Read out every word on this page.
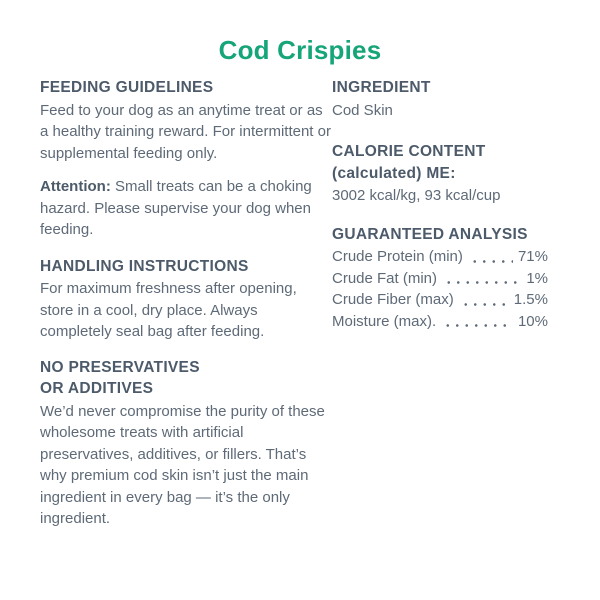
Cod Crispies
FEEDING GUIDELINES

Feed to your dog as an anytime treat or as a healthy training reward. For intermittent or supplemental feeding only.

Attention: Small treats can be a choking hazard. Please supervise your dog when feeding.

HANDLING INSTRUCTIONS

For maximum freshness after opening, store in a cool, dry place. Always completely seal bag after feeding.

NO PRESERVATIVES
OR ADDITIVES

We’d never compromise the purity of these wholesome treats with artificial preservatives, additives, or fillers. That’s why premium cod skin isn’t just the main ingredient in every bag — it’s the only ingredient.

INGREDIENT

Cod Skin

CALORIE CONTENT
(calculated) ME:

3002 kcal/kg, 93 kcal/cup

GUARANTEED ANALYSIS
Crude Protein (min)	71%
Crude Fat (min)	1%
Crude Fiber (max)	1.5%
Moisture (max).	10%
